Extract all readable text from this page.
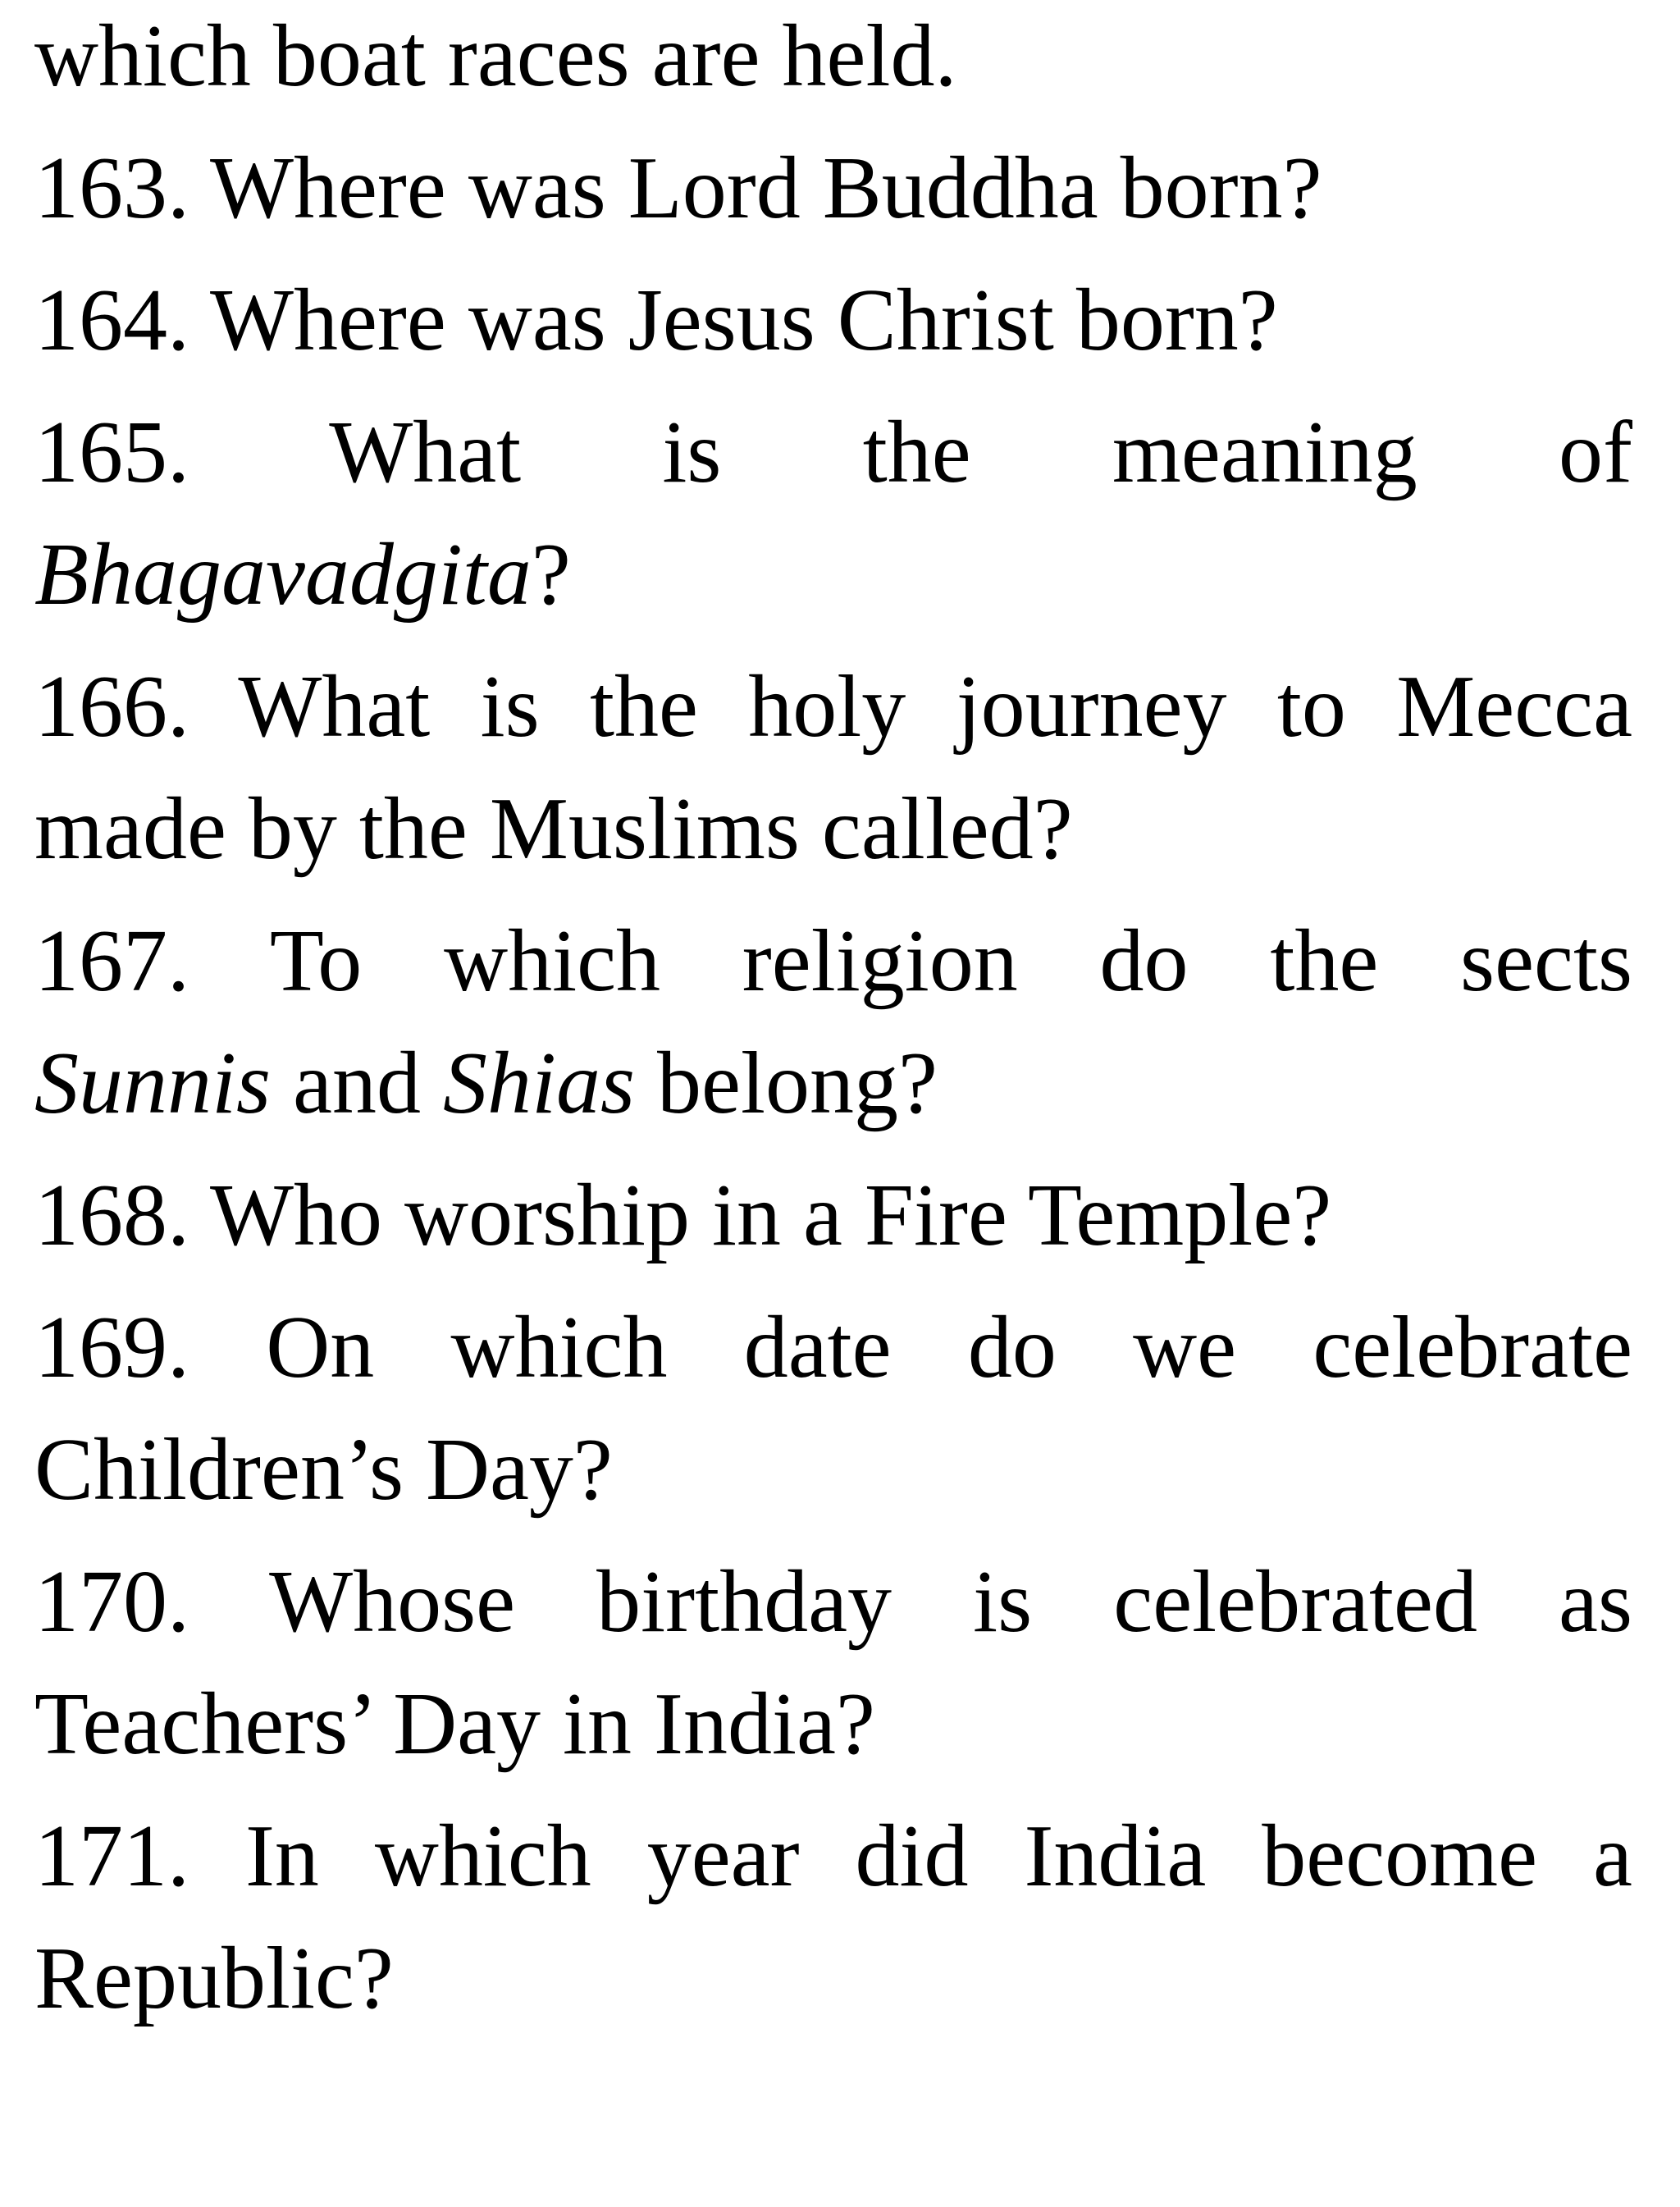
which boat races are held.
163. Where was Lord Buddha born?
164. Where was Jesus Christ born?
165. What is the meaning of
Bhagavadgita?
166. What is the holy journey to Mecca
made by the Muslims called?
167. To which religion do the sects
Sunnis and Shias belong?
168. Who worship in a Fire Temple?
169. On which date do we celebrate
Children’s Day?
170. Whose birthday is celebrated as
Teachers’ Day in India?
171. In which year did India become a
Republic?
